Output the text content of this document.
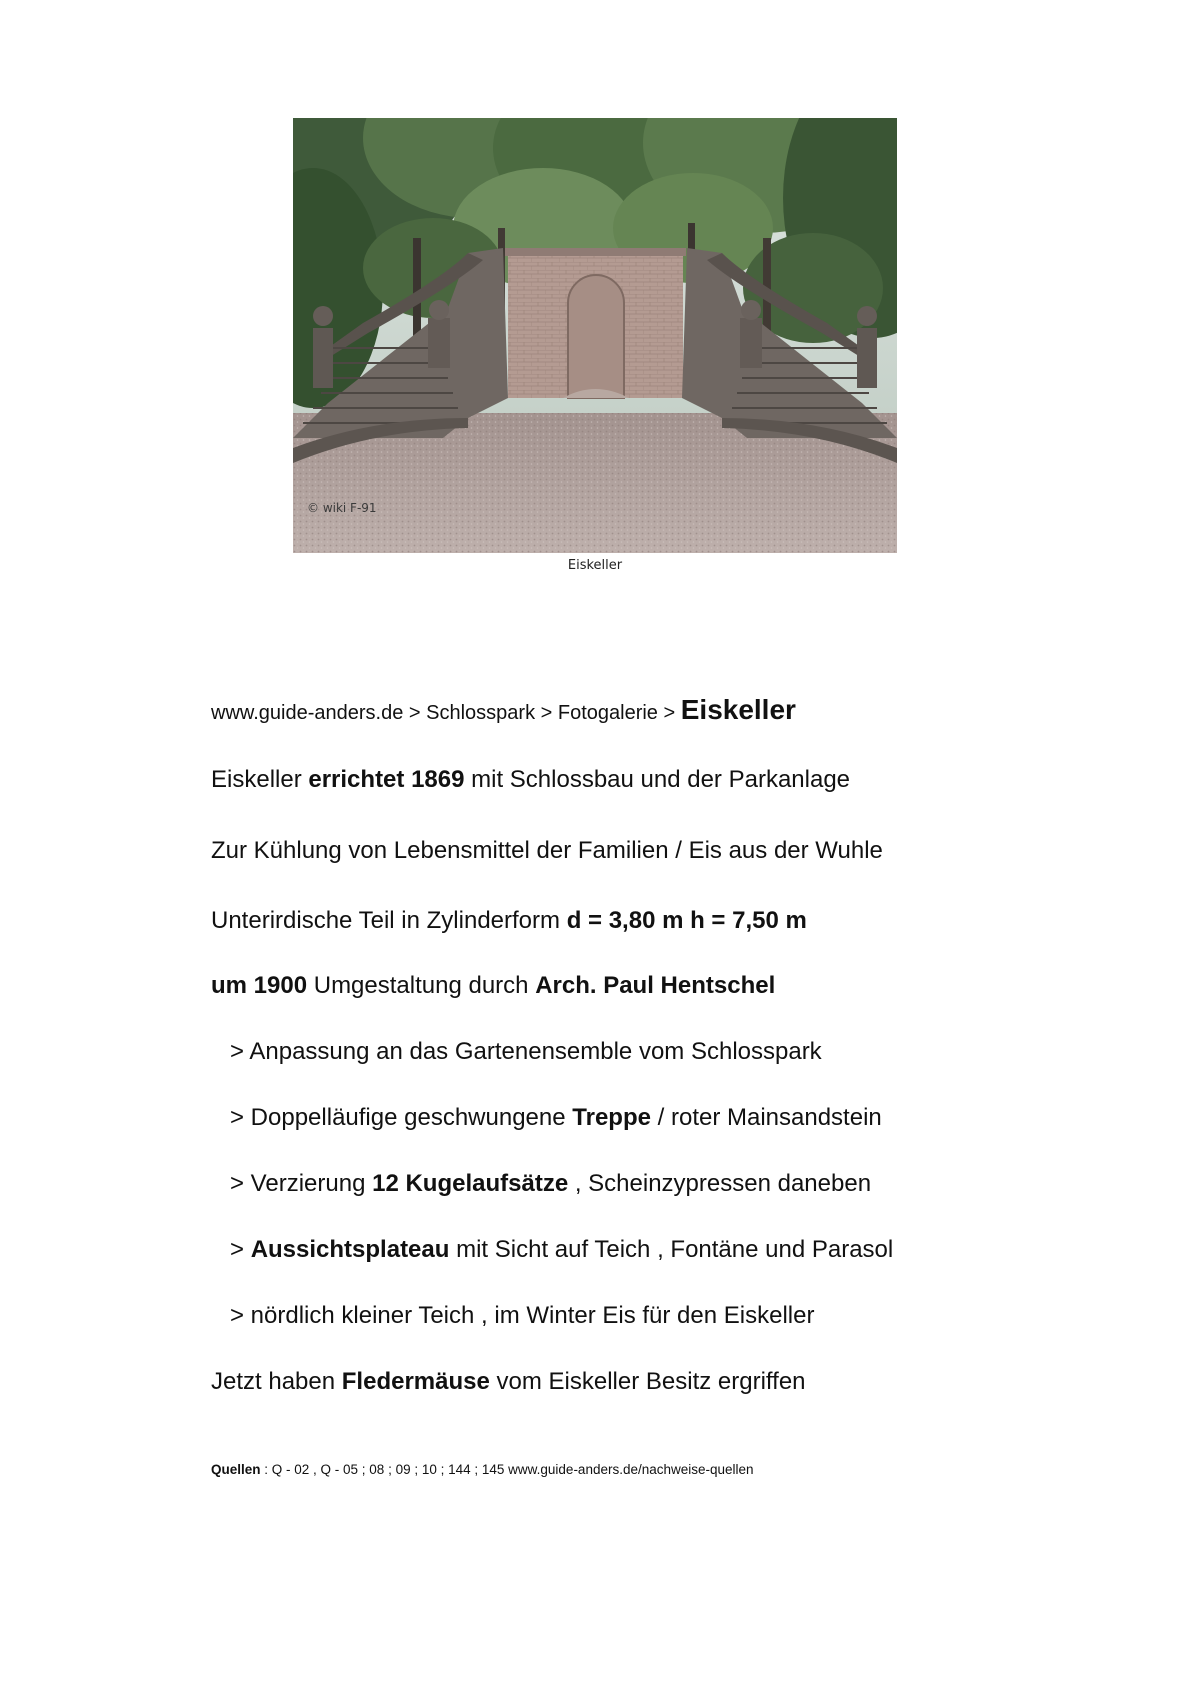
© wiki F-91
Eiskeller
www.guide-anders.de > Schlosspark > Fotogalerie > Eiskeller
Eiskeller errichtet 1869 mit Schlossbau und der Parkanlage
Zur Kühlung von Lebensmittel der Familien / Eis aus der Wuhle
Unterirdische Teil in Zylinderform d = 3,80 m h = 7,50 m
um 1900 Umgestaltung durch Arch. Paul Hentschel
> Anpassung an das Gartenensemble vom Schlosspark
> Doppelläufige geschwungene Treppe / roter Mainsandstein
> Verzierung 12 Kugelaufsätze , Scheinzypressen daneben
> Aussichtsplateau mit Sicht auf Teich , Fontäne und Parasol
> nördlich kleiner Teich , im Winter Eis für den Eiskeller
Jetzt haben Fledermäuse vom Eiskeller Besitz ergriffen
Quellen : Q - 02 , Q - 05 ; 08 ; 09 ; 10 ; 144 ; 145 www.guide-anders.de/nachweise-quellen
